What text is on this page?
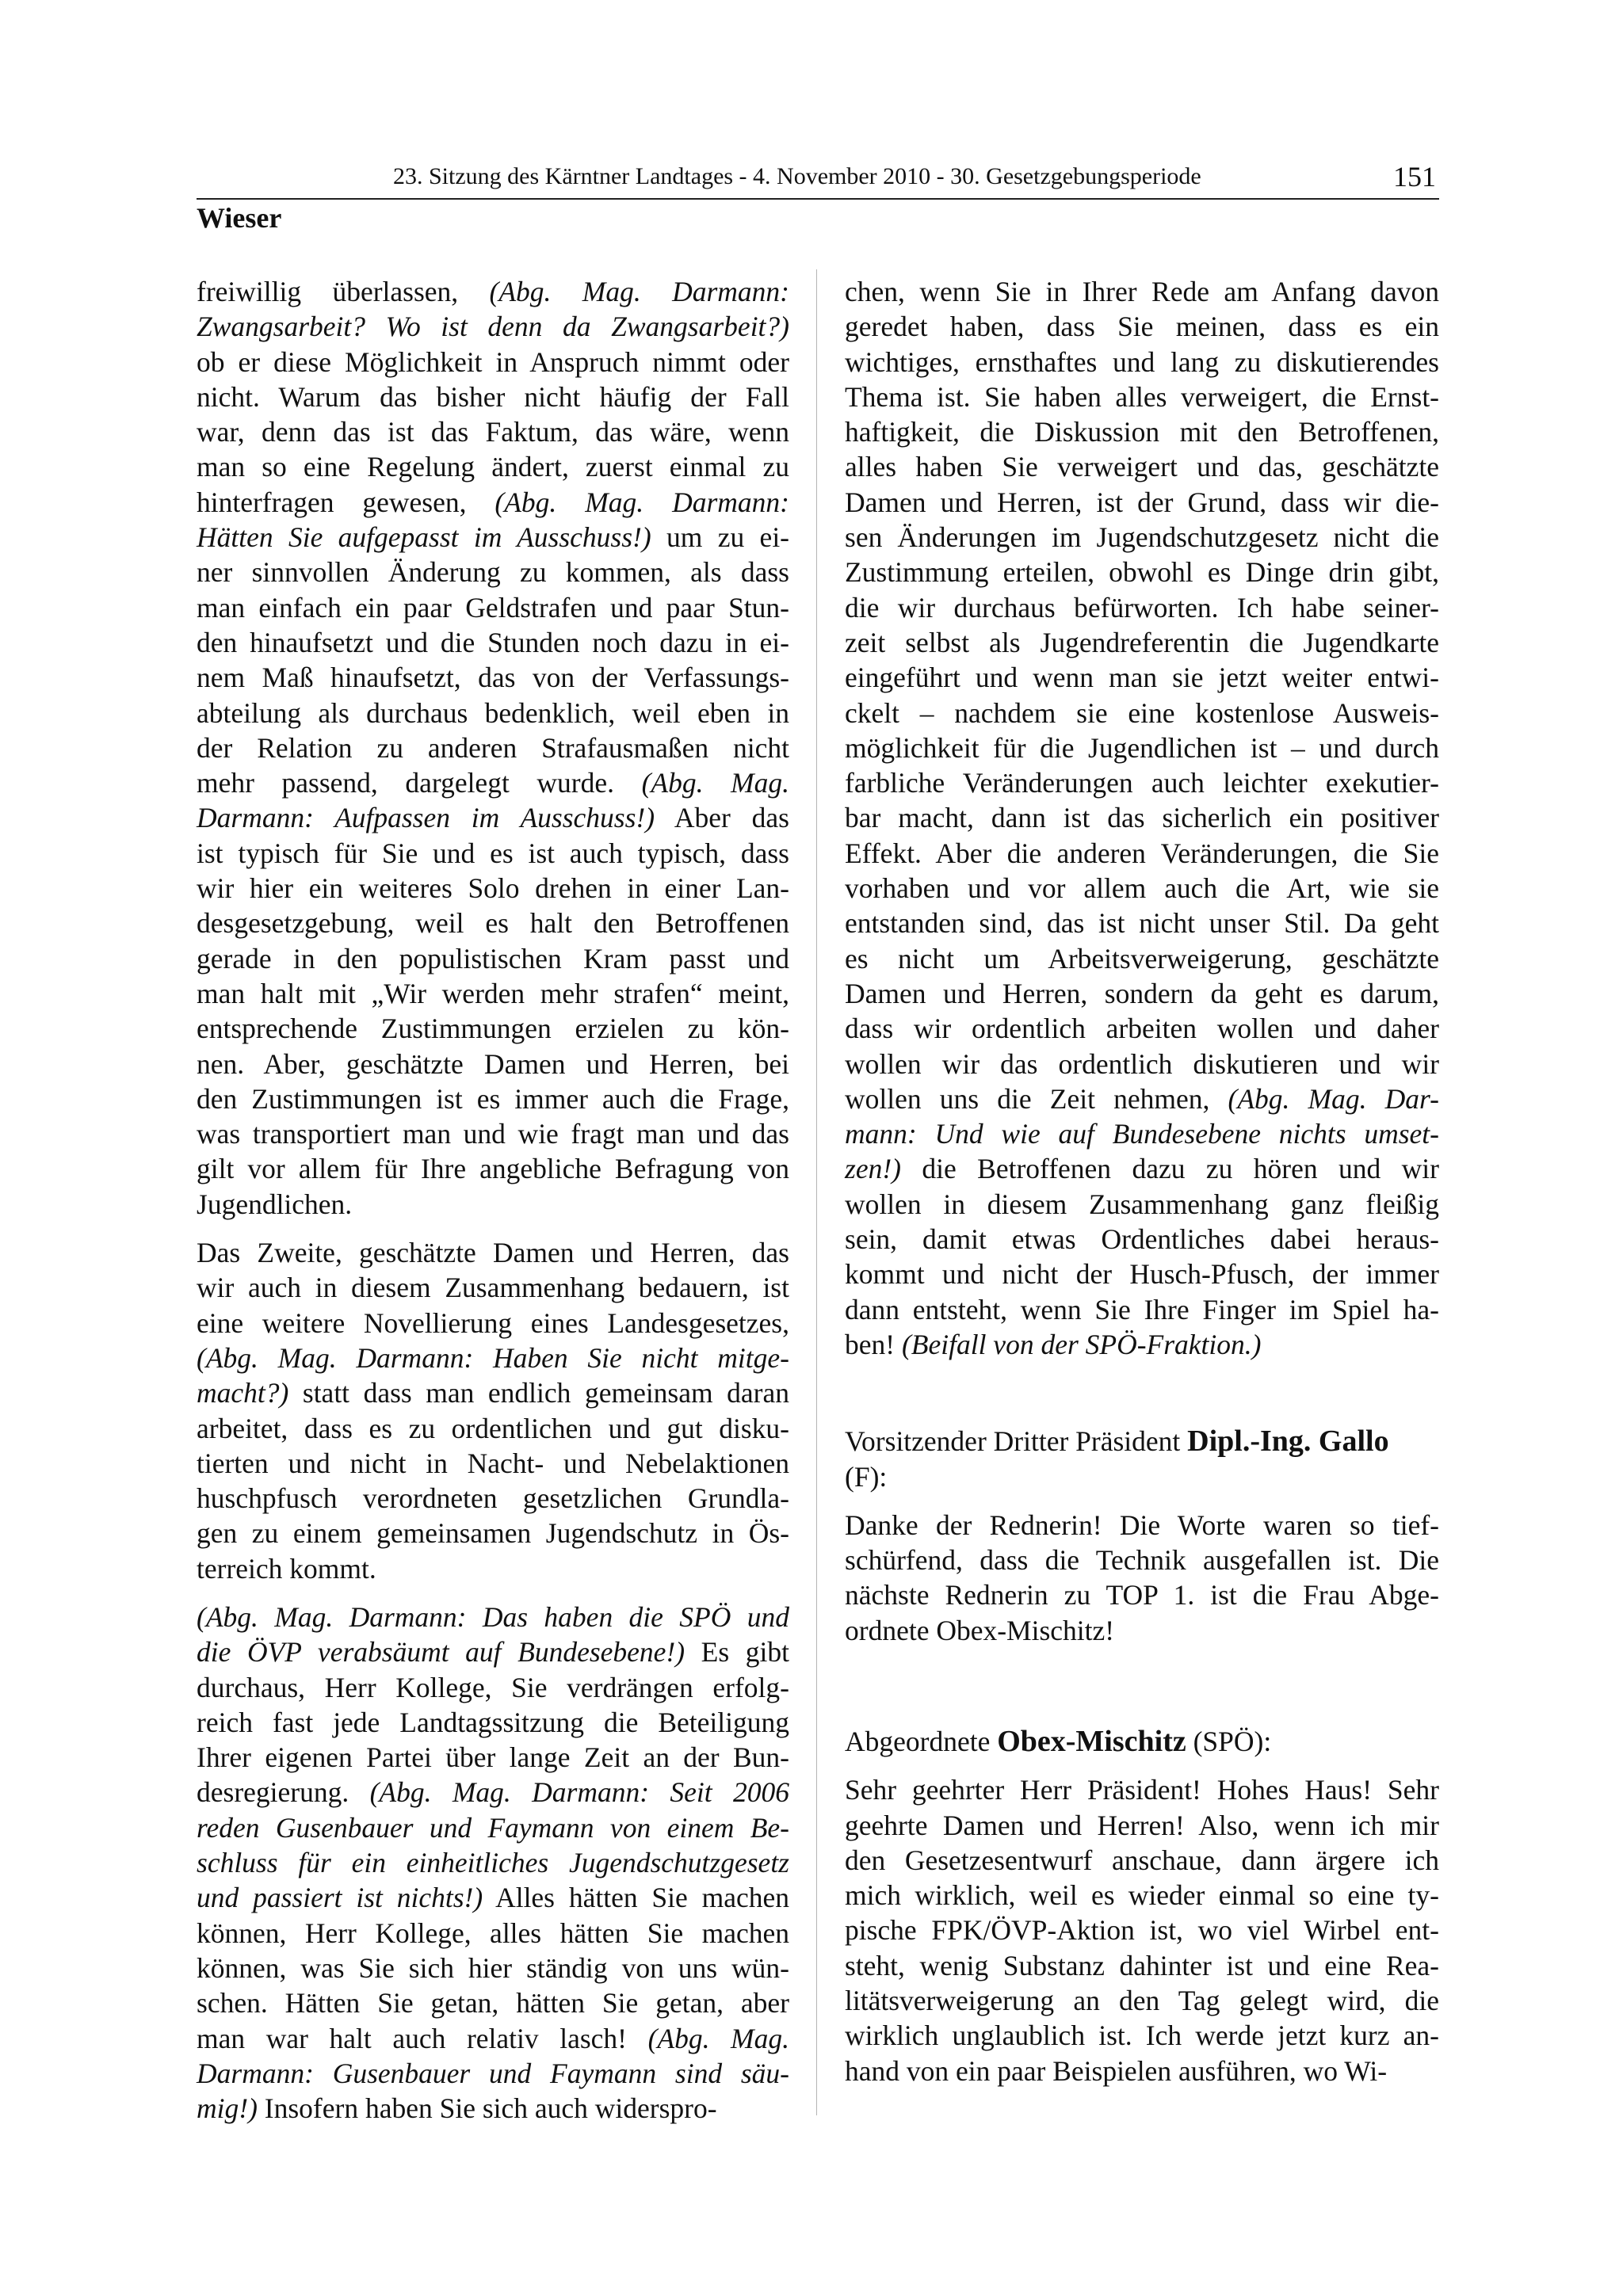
23. Sitzung des Kärntner Landtages - 4. November 2010 - 30. Gesetzgebungsperiode	151
Wieser
freiwillig überlassen, (Abg. Mag. Darmann:
Zwangsarbeit? Wo ist denn da Zwangsarbeit?)
ob er diese Möglichkeit in Anspruch nimmt oder
nicht. Warum das bisher nicht häufig der Fall
war, denn das ist das Faktum, das wäre, wenn
man so eine Regelung ändert, zuerst einmal zu
hinterfragen gewesen, (Abg. Mag. Darmann:
Hätten Sie aufgepasst im Ausschuss!) um zu ei-
ner sinnvollen Änderung zu kommen, als dass
man einfach ein paar Geldstrafen und paar Stun-
den hinaufsetzt und die Stunden noch dazu in ei-
nem Maß hinaufsetzt, das von der Verfassungs-
abteilung als durchaus bedenklich, weil eben in
der Relation zu anderen Strafausmaßen nicht
mehr passend, dargelegt wurde. (Abg. Mag.
Darmann: Aufpassen im Ausschuss!) Aber das
ist typisch für Sie und es ist auch typisch, dass
wir hier ein weiteres Solo drehen in einer Lan-
desgesetzgebung, weil es halt den Betroffenen
gerade in den populistischen Kram passt und
man halt mit „Wir werden mehr strafen“ meint,
entsprechende Zustimmungen erzielen zu kön-
nen. Aber, geschätzte Damen und Herren, bei
den Zustimmungen ist es immer auch die Frage,
was transportiert man und wie fragt man und das
gilt vor allem für Ihre angebliche Befragung von
Jugendlichen.
Das Zweite, geschätzte Damen und Herren, das
wir auch in diesem Zusammenhang bedauern, ist
eine weitere Novellierung eines Landesgesetzes,
(Abg. Mag. Darmann: Haben Sie nicht mitge-
macht?) statt dass man endlich gemeinsam daran
arbeitet, dass es zu ordentlichen und gut disku-
tierten und nicht in Nacht- und Nebelaktionen
huschpfusch verordneten gesetzlichen Grundla-
gen zu einem gemeinsamen Jugendschutz in Ös-
terreich kommt.
(Abg. Mag. Darmann: Das haben die SPÖ und
die ÖVP verabsäumt auf Bundesebene!) Es gibt
durchaus, Herr Kollege, Sie verdrängen erfolg-
reich fast jede Landtagssitzung die Beteiligung
Ihrer eigenen Partei über lange Zeit an der Bun-
desregierung. (Abg. Mag. Darmann: Seit 2006
reden Gusenbauer und Faymann von einem Be-
schluss für ein einheitliches Jugendschutzgesetz
und passiert ist nichts!) Alles hätten Sie machen
können, Herr Kollege, alles hätten Sie machen
können, was Sie sich hier ständig von uns wün-
schen. Hätten Sie getan, hätten Sie getan, aber
man war halt auch relativ lasch! (Abg. Mag.
Darmann: Gusenbauer und Faymann sind säu-
mig!) Insofern haben Sie sich auch widerspro-
chen, wenn Sie in Ihrer Rede am Anfang davon
geredet haben, dass Sie meinen, dass es ein
wichtiges, ernsthaftes und lang zu diskutierendes
Thema ist. Sie haben alles verweigert, die Ernst-
haftigkeit, die Diskussion mit den Betroffenen,
alles haben Sie verweigert und das, geschätzte
Damen und Herren, ist der Grund, dass wir die-
sen Änderungen im Jugendschutzgesetz nicht die
Zustimmung erteilen, obwohl es Dinge drin gibt,
die wir durchaus befürworten. Ich habe seiner-
zeit selbst als Jugendreferentin die Jugendkarte
eingeführt und wenn man sie jetzt weiter entwi-
ckelt – nachdem sie eine kostenlose Ausweis-
möglichkeit für die Jugendlichen ist – und durch
farbliche Veränderungen auch leichter exekutier-
bar macht, dann ist das sicherlich ein positiver
Effekt. Aber die anderen Veränderungen, die Sie
vorhaben und vor allem auch die Art, wie sie
entstanden sind, das ist nicht unser Stil. Da geht
es nicht um Arbeitsverweigerung, geschätzte
Damen und Herren, sondern da geht es darum,
dass wir ordentlich arbeiten wollen und daher
wollen wir das ordentlich diskutieren und wir
wollen uns die Zeit nehmen, (Abg. Mag. Dar-
mann: Und wie auf Bundesebene nichts umset-
zen!) die Betroffenen dazu zu hören und wir
wollen in diesem Zusammenhang ganz fleißig
sein, damit etwas Ordentliches dabei heraus-
kommt und nicht der Husch-Pfusch, der immer
dann entsteht, wenn Sie Ihre Finger im Spiel ha-
ben! (Beifall von der SPÖ-Fraktion.)
Vorsitzender Dritter Präsident Dipl.-Ing. Gallo
(F):
Danke der Rednerin! Die Worte waren so tief-
schürfend, dass die Technik ausgefallen ist. Die
nächste Rednerin zu TOP 1. ist die Frau Abge-
ordnete Obex-Mischitz!
Abgeordnete Obex-Mischitz (SPÖ):
Sehr geehrter Herr Präsident! Hohes Haus! Sehr
geehrte Damen und Herren! Also, wenn ich mir
den Gesetzesentwurf anschaue, dann ärgere ich
mich wirklich, weil es wieder einmal so eine ty-
pische FPK/ÖVP-Aktion ist, wo viel Wirbel ent-
steht, wenig Substanz dahinter ist und eine Rea-
litätsverweigerung an den Tag gelegt wird, die
wirklich unglaublich ist. Ich werde jetzt kurz an-
hand von ein paar Beispielen ausführen, wo Wi-
